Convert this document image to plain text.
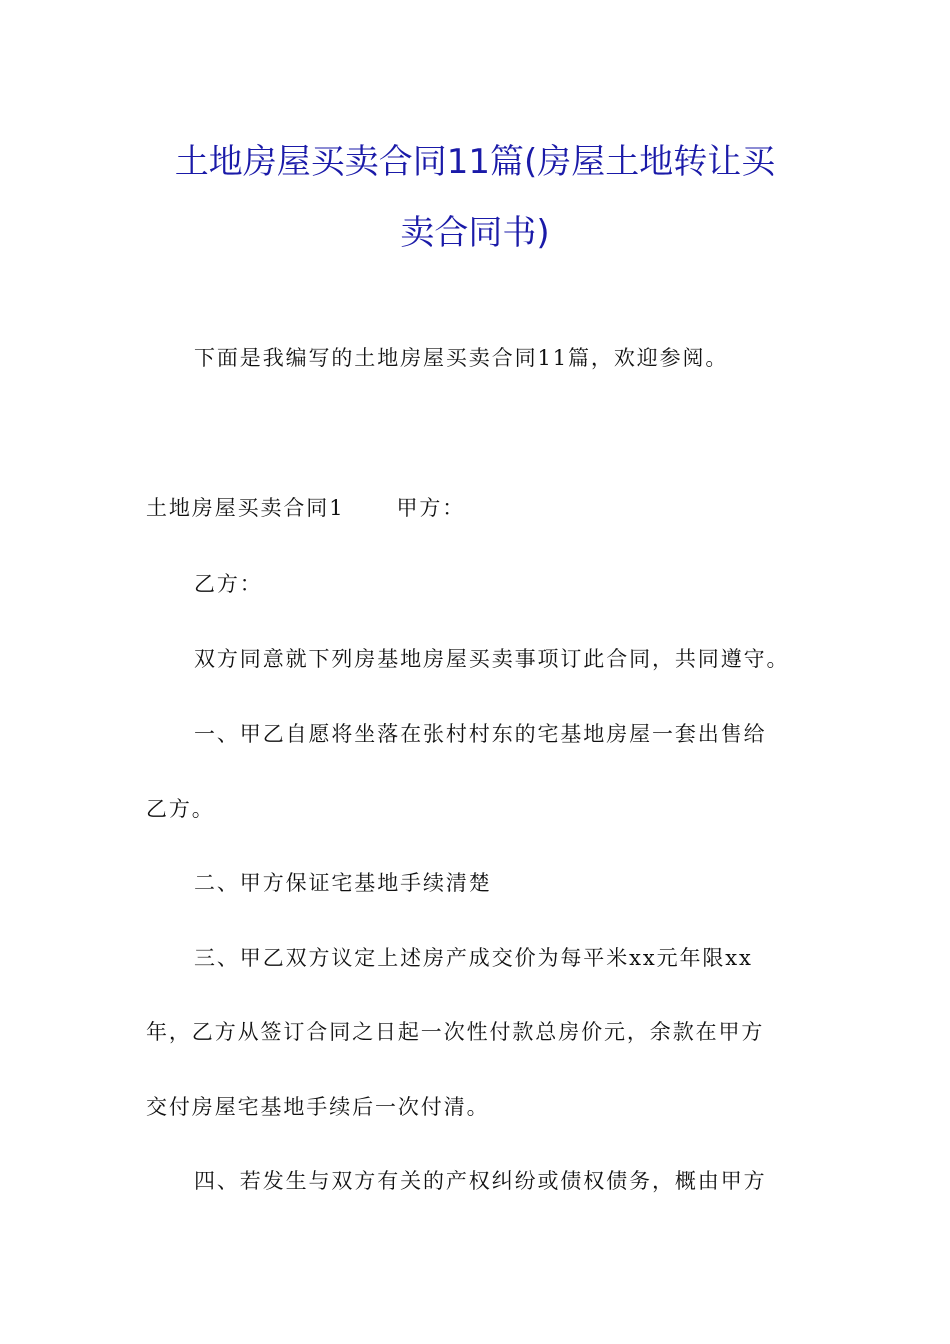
土地房屋买卖合同11篇(房屋土地转让买
卖合同书)
下面是我编写的土地房屋买卖合同11篇，欢迎参阅。
土地房屋买卖合同1 甲方：
乙方：
双方同意就下列房基地房屋买卖事项订此合同，共同遵守。
一、甲乙自愿将坐落在张村村东的宅基地房屋一套出售给
乙方。
二、甲方保证宅基地手续清楚
三、甲乙双方议定上述房产成交价为每平米xx元年限xx
年，乙方从签订合同之日起一次性付款总房价元，余款在甲方
交付房屋宅基地手续后一次付清。
四、若发生与双方有关的产权纠纷或债权债务，概由甲方
